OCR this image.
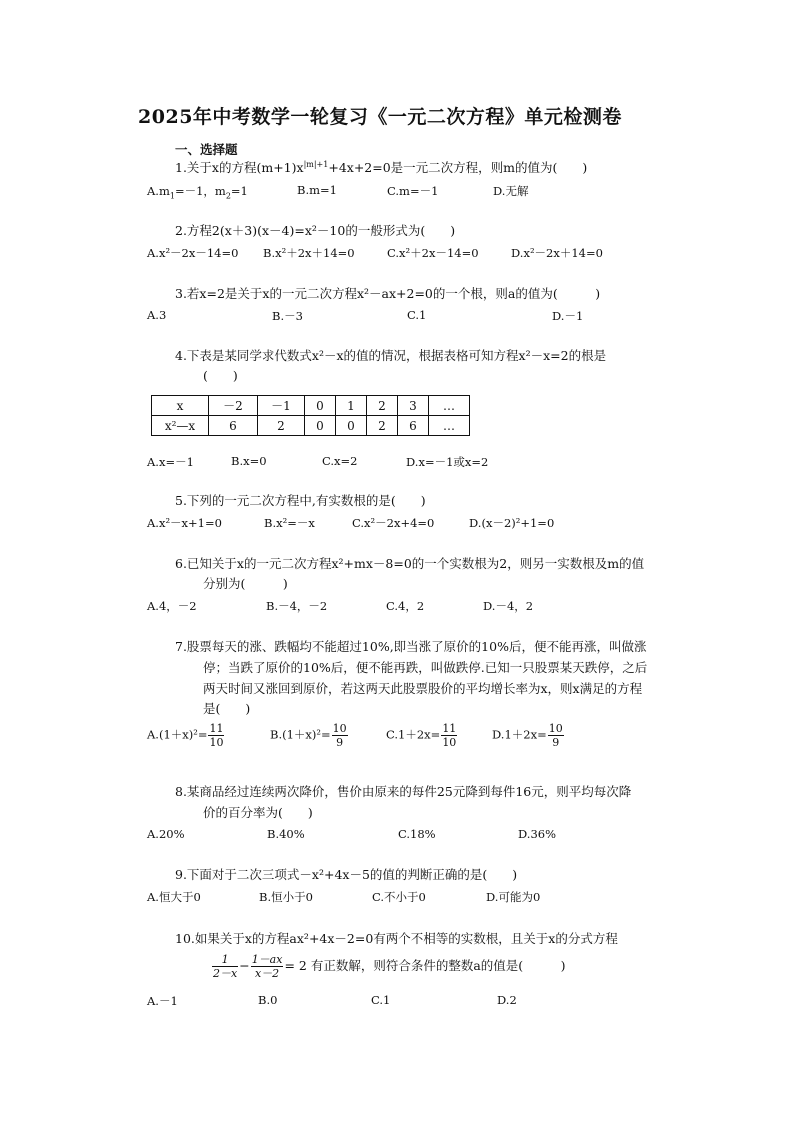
2025年中考数学一轮复习《一元二次方程》单元检测卷
一、选择题
1.关于x的方程$(m+1)x^{|m|+1}+4x+2=0$是一元二次方程，则m的值为(　　)
$A.m_1=-1$，$m_2=1$	B.m=1	C.m=－1	D.无解
2.方程2(x＋3)(x－4)=x²－10的一般形式为(　　)
A.x²－2x－14=0 B.x²＋2x＋14=0	C.x²＋2x－14=0	D.x²－2x＋14=0
3.若x=2是关于x的一元二次方程x²－ax+2=0的一个根，则a的值为(　　　)
A.3	B.－3	C.1	D.－1
4.下表是某同学求代数式x²－x的值的情况，根据表格可知方程x²－x=2的根是
(　　)
x	－2	－1	0	1	2	3	…
x²—x	6	2	0	0	2	6	…
A.x=－1	B.x=0	C.x=2	D.x=－1或x=2
5.下列的一元二次方程中,有实数根的是(　　)
A.x²－x+1=0	B.x²=－x	C.x²－2x+4=0	D.(x－2)²+1=0
6.已知关于x的一元二次方程x²+mx－8=0的一个实数根为2，则另一实数根及m的值
分别为(　　　)
A.4，－2	B.－4，－2	C.4，2	D.－4，2
7.股票每天的涨、跌幅均不能超过10%,即当涨了原价的10%后，便不能再涨，叫做涨
停；当跌了原价的10%后，便不能再跌，叫做跌停.已知一只股票某天跌停，之后
两天时间又涨回到原价，若这两天此股票股价的平均增长率为x，则x满足的方程
是(　　)
$A.(1+x)^2= \frac{11}{10}$	$B.(1+x)^2= \frac{10}{9}$	$C.1+2x= \frac{11}{10}$	$D.1+2x= \frac{10}{9}$
8.某商品经过连续两次降价，售价由原来的每件25元降到每件16元，则平均每次降
价的百分率为(　　)
A.20%	B.40%	C.18%	D.36%
9.下面对于二次三项式－x²+4x－5的值的判断正确的是(　　)
A.恒大于0	B.恒小于0	C.不小于0	D.可能为0
10.如果关于x的方程ax²+4x－2=0有两个不相等的实数根，且关于x的分式方程
$\frac{1}{2-x} - \frac{1-ax}{x-2} = 2$ 有正数解，则符合条件的整数a的值是(　　　)
A.－1	B.0	C.1	D.2
